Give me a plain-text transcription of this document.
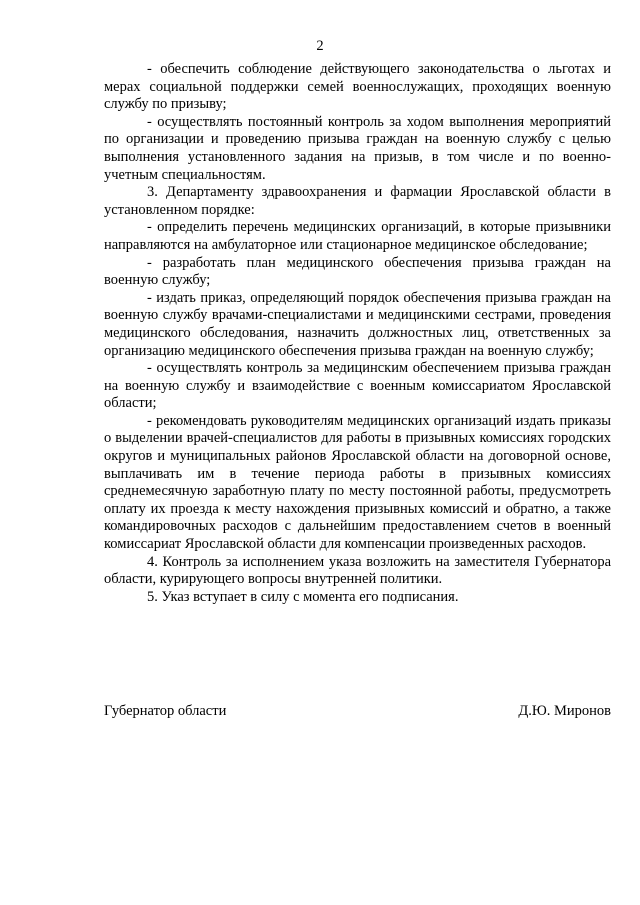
2

- обеспечить соблюдение действующего законодательства о льготах и мерах социальной поддержки семей военнослужащих, проходящих военную службу по призыву;

- осуществлять постоянный контроль за ходом выполнения мероприятий по организации и проведению призыва граждан на военную службу с целью выполнения установленного задания на призыв, в том числе и по военно-учетным специальностям.

3. Департаменту здравоохранения и фармации Ярославской области в установленном порядке:

- определить перечень медицинских организаций, в которые призывники направляются на амбулаторное или стационарное медицинское обследование;

- разработать план медицинского обеспечения призыва граждан на военную службу;

- издать приказ, определяющий порядок обеспечения призыва граждан на военную службу врачами-специалистами и медицинскими сестрами, проведения медицинского обследования, назначить должностных лиц, ответственных за организацию медицинского обеспечения призыва граждан на военную службу;

- осуществлять контроль за медицинским обеспечением призыва граждан на военную службу и взаимодействие с военным комиссариатом Ярославской области;

- рекомендовать руководителям медицинских организаций издать приказы о выделении врачей-специалистов для работы в призывных комиссиях городских округов и муниципальных районов Ярославской области на договорной основе, выплачивать им в течение периода работы в призывных комиссиях среднемесячную заработную плату по месту постоянной работы, предусмотреть оплату их проезда к месту нахождения призывных комиссий и обратно, а также командировочных расходов с дальнейшим предоставлением счетов в военный комиссариат Ярославской области для компенсации произведенных расходов.

4. Контроль за исполнением указа возложить на заместителя Губернатора области, курирующего вопросы внутренней политики.

5. Указ вступает в силу с момента его подписания.

Губернатор области	Д.Ю. Миронов
